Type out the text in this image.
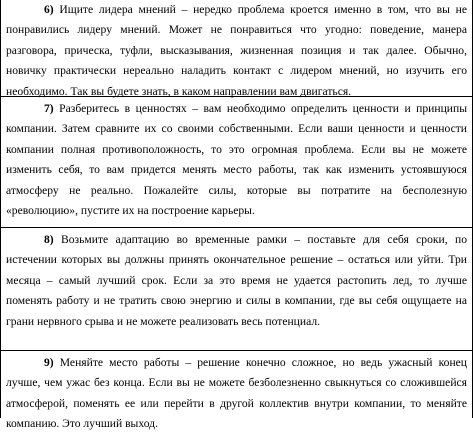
6) Ищите лидера мнений – нередко проблема кроется именно в том, что вы не понравились лидеру мнений. Может не понравиться что угодно: поведение, манера разговора, прическа, туфли, высказывания, жизненная позиция и так далее. Обычно, новичку практически нереально наладить контакт с лидером мнений, но изучить его необходимо. Так вы будете знать, в каком направлении вам двигаться.
7) Разберитесь в ценностях – вам необходимо определить ценности и принципы компании. Затем сравните их со своими собственными. Если ваши ценности и ценности компании полная противоположность, то это огромная проблема. Если вы не можете изменить себя, то вам придется менять место работы, так как изменить устоявшуюся атмосферу не реально. Пожалейте силы, которые вы потратите на бесполезную «революцию», пустите их на построение карьеры.
8) Возьмите адаптацию во временные рамки – поставьте для себя сроки, по истечении которых вы должны принять окончательное решение – остаться или уйти. Три месяца – самый лучший срок. Если за это время не удается растопить лед, то лучше поменять работу и не тратить свою энергию и силы в компании, где вы себя ощущаете на грани нервного срыва и не можете реализовать весь потенциал.
9) Меняйте место работы – решение конечно сложное, но ведь ужасный конец лучше, чем ужас без конца. Если вы не можете безболезненно свыкнуться со сложившейся атмосферой, поменять ее или перейти в другой коллектив внутри компании, то меняйте компанию. Это лучший выход.
